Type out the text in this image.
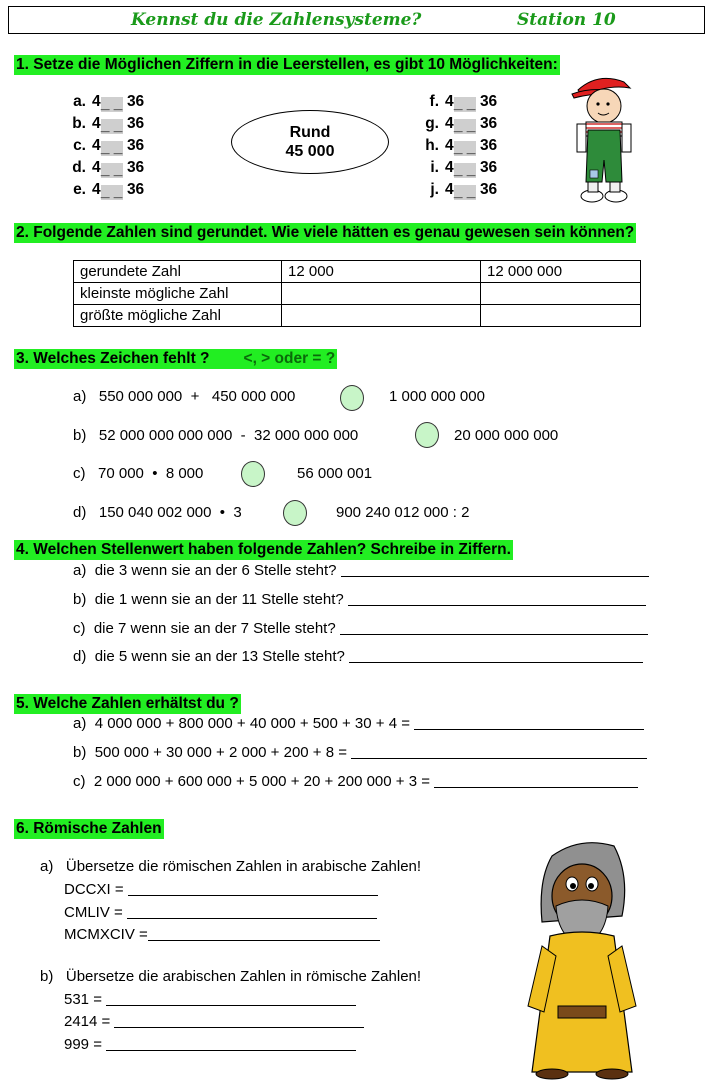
Kennst du die Zahlensysteme?	Station 10
1. Setze die Möglichen Ziffern in die Leerstellen, es gibt 10 Möglichkeiten:
a. 4_ _ 36
b. 4_ _ 36
c. 4_ _ 36
d. 4_ _ 36
e. 4_ _ 36
Rund
45 000
f. 4_ _ 36
g. 4_ _ 36
h. 4_ _ 36
i. 4_ _ 36
j. 4_ _ 36
2. Folgende Zahlen sind gerundet. Wie viele hätten es genau gewesen sein können?
gerundete Zahl	12 000	12 000 000
kleinste mögliche Zahl		
größte mögliche Zahl		
3. Welches Zeichen fehlt ? <, > oder = ?
a) 550 000 000  +   450 000 000	1 000 000 000
b) 52 000 000 000 000  -  32 000 000 000	20 000 000 000
c) 70 000  •  8 000	56 000 001
d) 150 040 002 000  •  3	900 240 012 000 : 2
4. Welchen Stellenwert haben folgende Zahlen? Schreibe in Ziffern.
a) die 3 wenn sie an der 6 Stelle steht?
b) die 1 wenn sie an der 11 Stelle steht?
c) die 7 wenn sie an der 7 Stelle steht?
d) die 5 wenn sie an der 13 Stelle steht?
5. Welche Zahlen erhältst du ?
a) 4 000 000 + 800 000 + 40 000 + 500 + 30 + 4 =
b) 500 000 + 30 000 + 2 000 + 200 + 8 =
c) 2 000 000 + 600 000 + 5 000 + 20 + 200 000 + 3 =
6. Römische Zahlen
a) Übersetze die römischen Zahlen in arabische Zahlen!
DCCXI =
CMLIV =
MCMXCIV =
b) Übersetze die arabischen Zahlen in römische Zahlen!
531 =
2414 =
999 =
